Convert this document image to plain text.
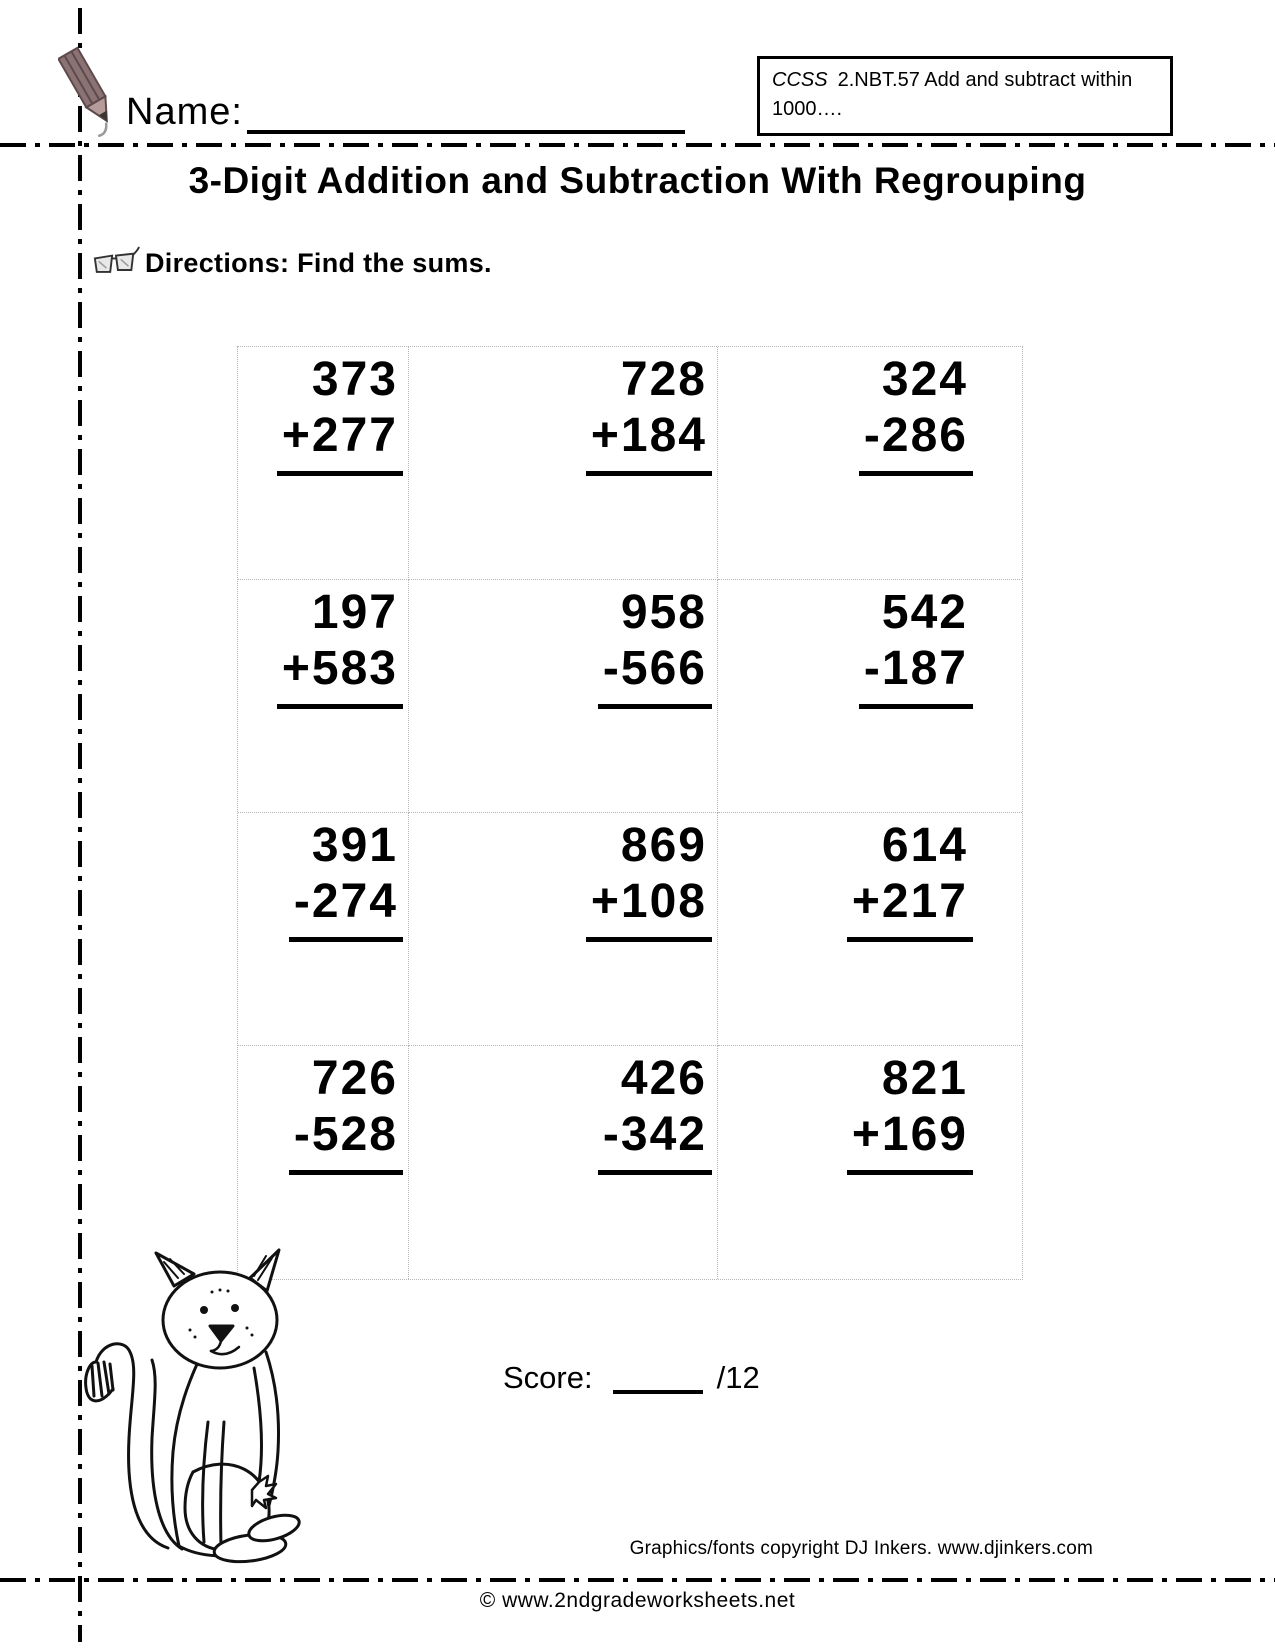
Name:
CCSS 2.NBT.57 Add and subtract within
1000….
3-Digit Addition and Subtraction With Regrouping
Directions: Find the sums.
373
+277
728
+184
324
-286
197
+583
958
-566
542
-187
391
-274
869
+108
614
+217
726
-528
426
-342
821
+169
Score:	/12
Graphics/fonts copyright DJ Inkers. www.djinkers.com
© www.2ndgradeworksheets.net
